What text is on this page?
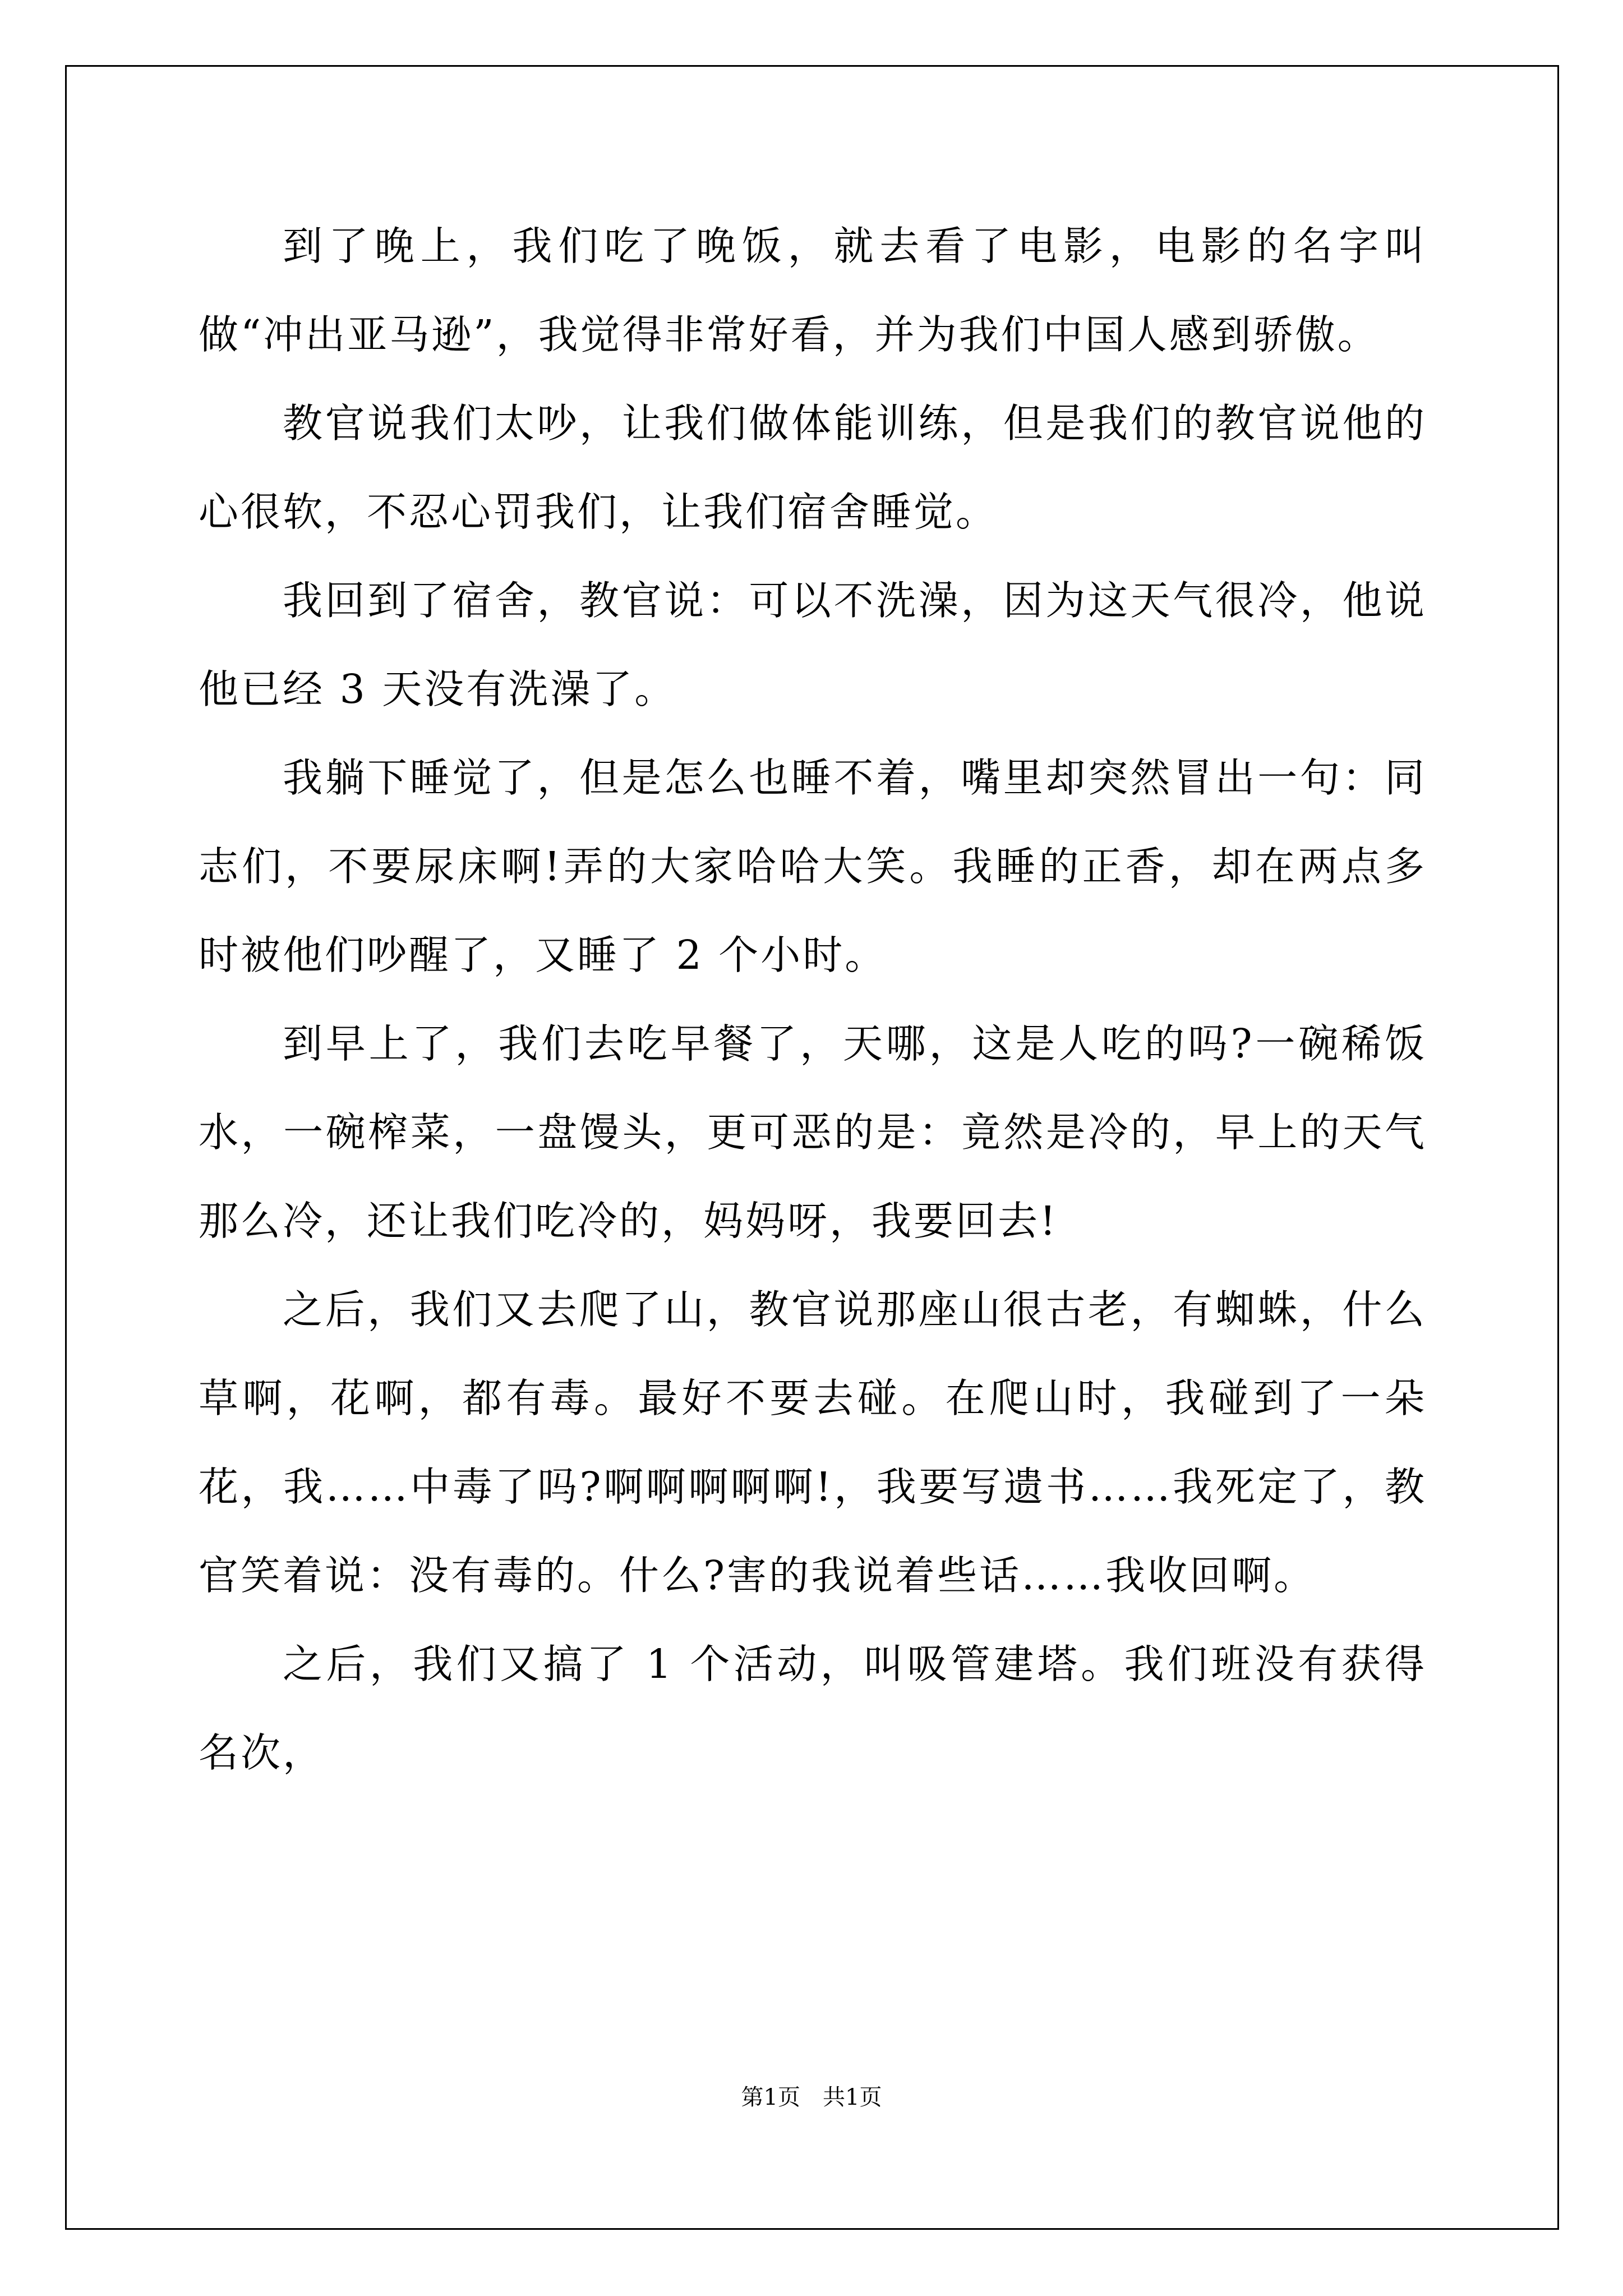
到了晚上，我们吃了晚饭，就去看了电影，电影的名字叫做“冲出亚马逊”，我觉得非常好看，并为我们中国人感到骄傲。

教官说我们太吵，让我们做体能训练，但是我们的教官说他的心很软，不忍心罚我们，让我们宿舍睡觉。

我回到了宿舍，教官说：可以不洗澡，因为这天气很冷，他说他已经 3 天没有洗澡了。

我躺下睡觉了，但是怎么也睡不着，嘴里却突然冒出一句：同志们，不要尿床啊!弄的大家哈哈大笑。我睡的正香，却在两点多时被他们吵醒了，又睡了 2 个小时。

到早上了，我们去吃早餐了，天哪，这是人吃的吗?一碗稀饭水，一碗榨菜，一盘馒头，更可恶的是：竟然是冷的，早上的天气那么冷，还让我们吃冷的，妈妈呀，我要回去!

之后，我们又去爬了山，教官说那座山很古老，有蜘蛛，什么草啊，花啊，都有毒。最好不要去碰。在爬山时，我碰到了一朵花，我……中毒了吗?啊啊啊啊啊!，我要写遗书……我死定了，教官笑着说：没有毒的。什么?害的我说着些话……我收回啊。

之后，我们又搞了 1 个活动，叫吸管建塔。我们班没有获得名次，

第1页 共1页
